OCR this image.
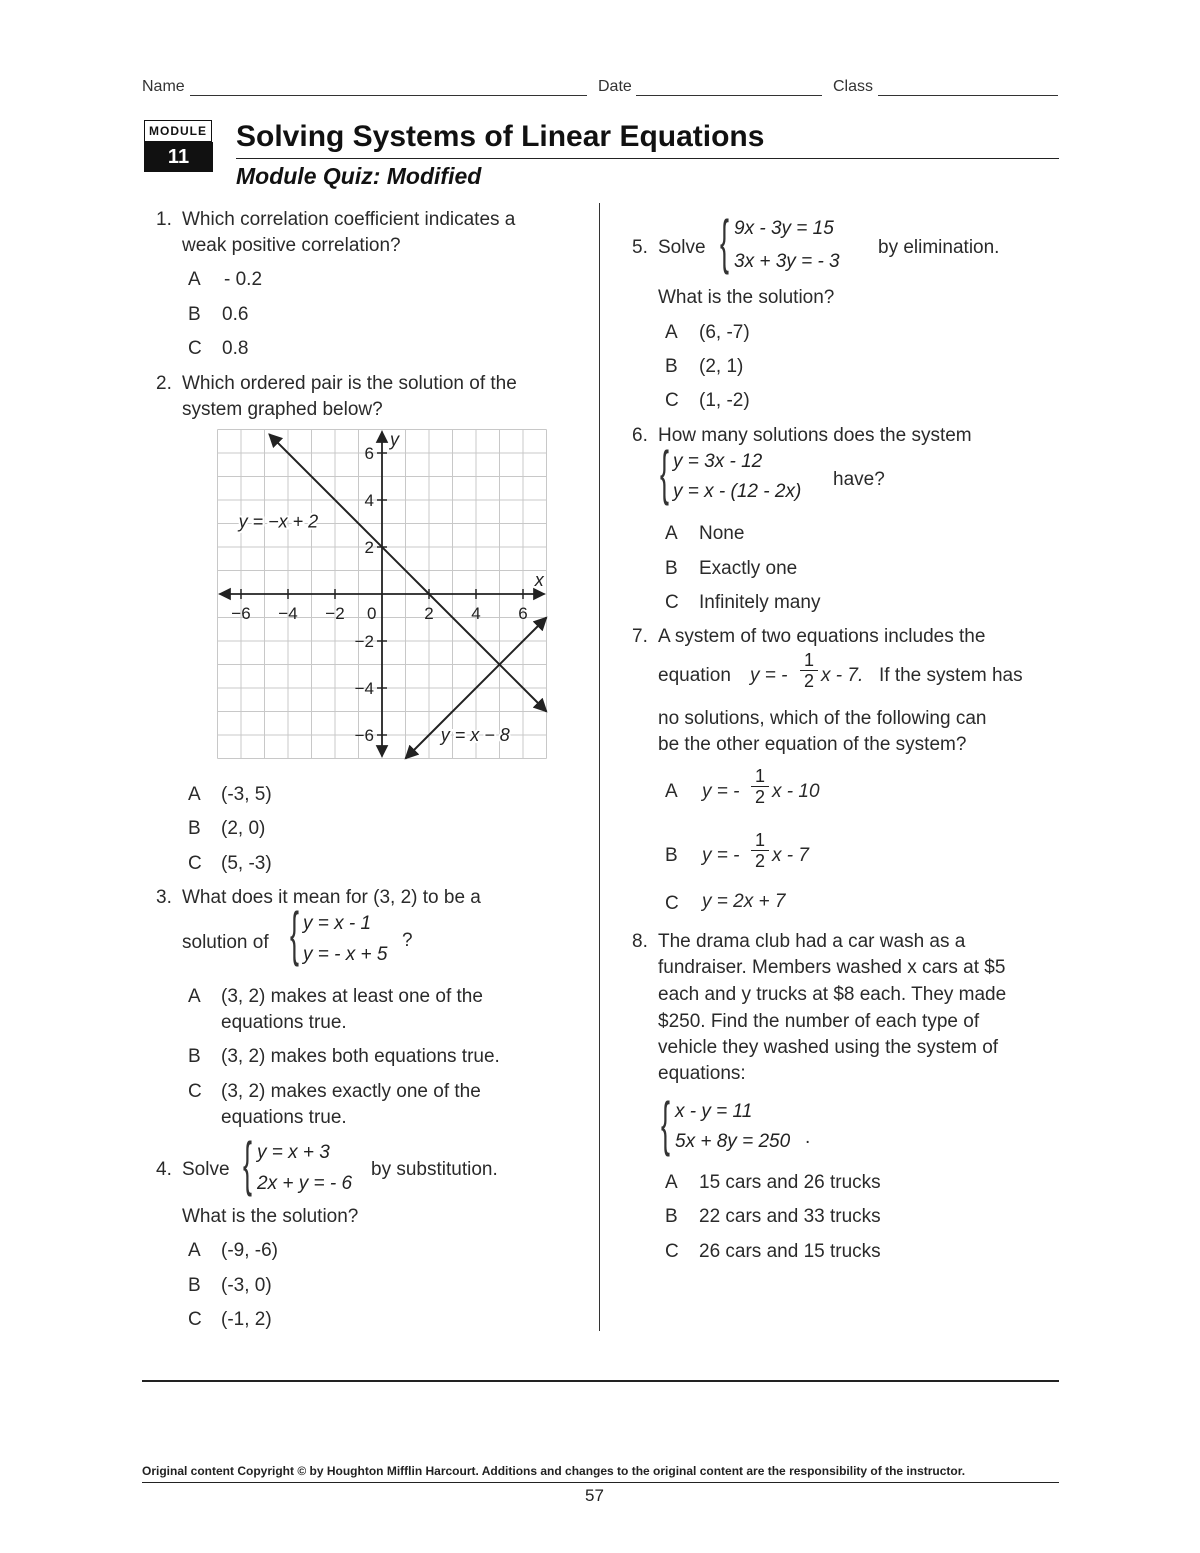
Name	Date	Class
MODULE
11
Solving Systems of Linear Equations
Module Quiz: Modified
1. Which correlation coefficient indicates a
weak positive correlation?
A - 0.2
B 0.6
C 0.8
2. Which ordered pair is the solution of the
system graphed below?
−6 −4 −2	2 4 6
6
4
2
−2
−4
−6
x
y
0
y = −x + 2
y = x − 8
A (-3, 5)
B (2, 0)
C (5, -3)
3. What does it mean for (3, 2) to be a
solution of { y = x - 1
y = - x + 5
?
A (3, 2) makes at least one of the
equations true.
B (3, 2) makes both equations true.
C (3, 2) makes exactly one of the
equations true.
4. Solve { y = x + 3
2x + y = - 6
by substitution.
What is the solution?
A (-9, -6)
B (-3, 0)
C (-1, 2)
5. Solve { 9x - 3y = 15
3x + 3y = - 3
by elimination.
What is the solution?
A (6, -7)
B (2, 1)
C (1, -2)
6. How many solutions does the system
{ y = 3x - 12
y = x - (12 - 2x)
have?
A None
B Exactly one
C Infinitely many
7. A system of two equations includes the
equation y = - $\frac{1}{2}$ x - 7. If the system has
no solutions, which of the following can
be the other equation of the system?
A y = - $\frac{1}{2}$ x - 10
B y = - $\frac{1}{2}$ x - 7
C y = 2x + 7
8. The drama club had a car wash as a
fundraiser. Members washed x cars at $5
each and y trucks at $8 each. They made
$250. Find the number of each type of
vehicle they washed using the system of
equations:
{ x - y = 11
5x + 8y = 250 .
A 15 cars and 26 trucks
B 22 cars and 33 trucks
C 26 cars and 15 trucks
Original content Copyright © by Houghton Mifflin Harcourt. Additions and changes to the original content are the responsibility of the instructor.
57
